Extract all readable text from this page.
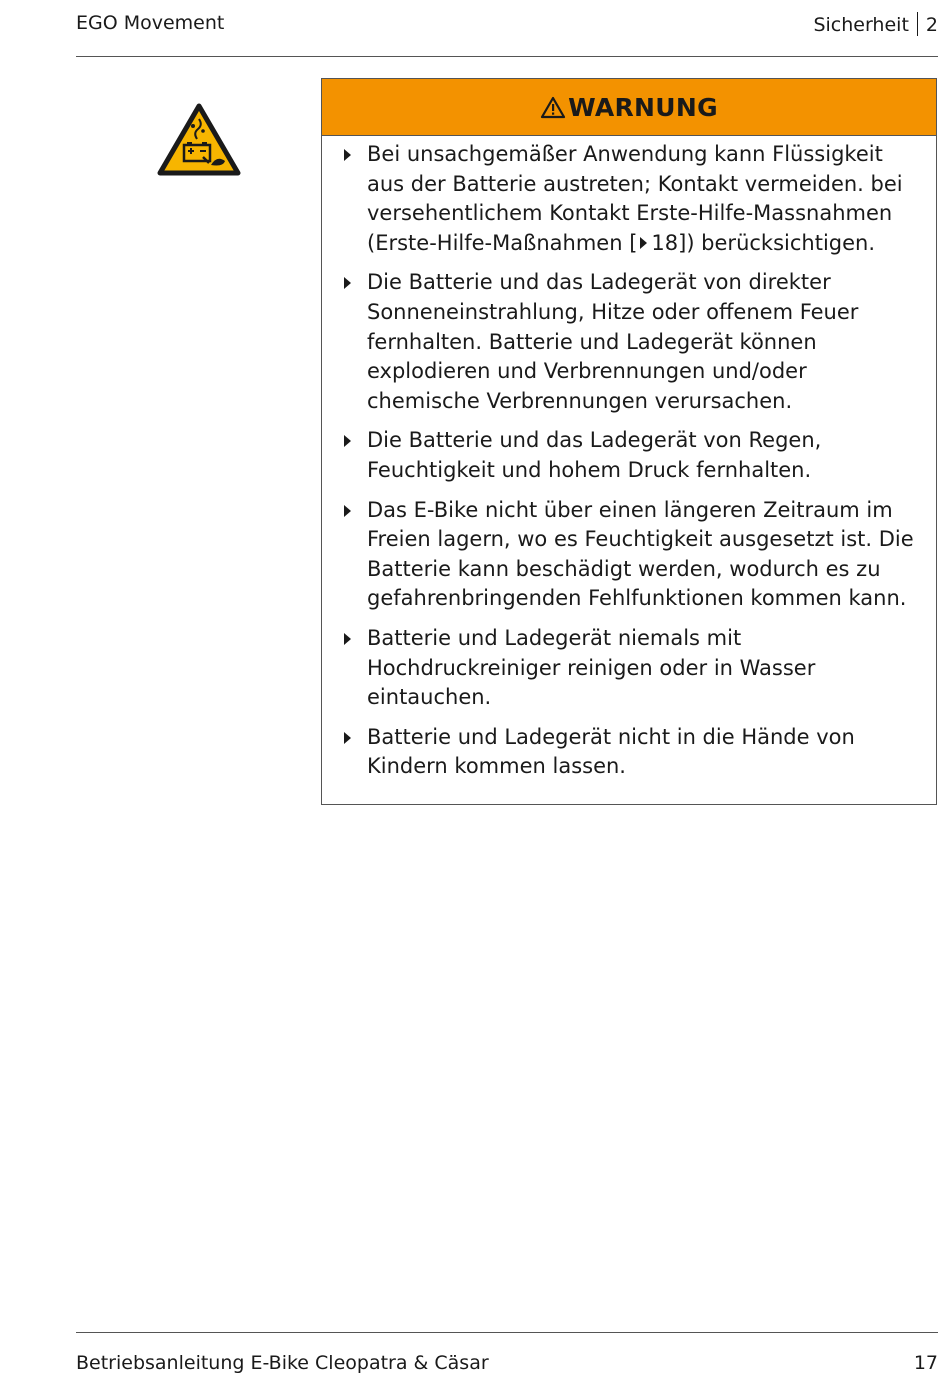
EGO Movement	Sicherheit 2
WARNUNG
Bei unsachgemäßer Anwendung kann Flüssigkeit aus der Batterie austreten; Kontakt vermeiden. bei versehentlichem Kontakt Erste-Hilfe-Massnahmen (Erste-Hilfe-Maßnahmen [ 18]) berücksichtigen.
Die Batterie und das Ladegerät von direkter Sonneneinstrahlung, Hitze oder offenem Feuer fernhalten. Batterie und Ladegerät können explodieren und Verbrennungen und/oder chemische Verbrennungen verursachen.
Die Batterie und das Ladegerät von Regen, Feuchtigkeit und hohem Druck fernhalten.
Das E-Bike nicht über einen längeren Zeitraum im Freien lagern, wo es Feuchtigkeit ausgesetzt ist. Die Batterie kann beschädigt werden, wodurch es zu gefahrenbringenden Fehlfunktionen kommen kann.
Batterie und Ladegerät niemals mit Hochdruckreiniger reinigen oder in Wasser eintauchen.
Batterie und Ladegerät nicht in die Hände von Kindern kommen lassen.
Betriebsanleitung E-Bike Cleopatra & Cäsar	17
